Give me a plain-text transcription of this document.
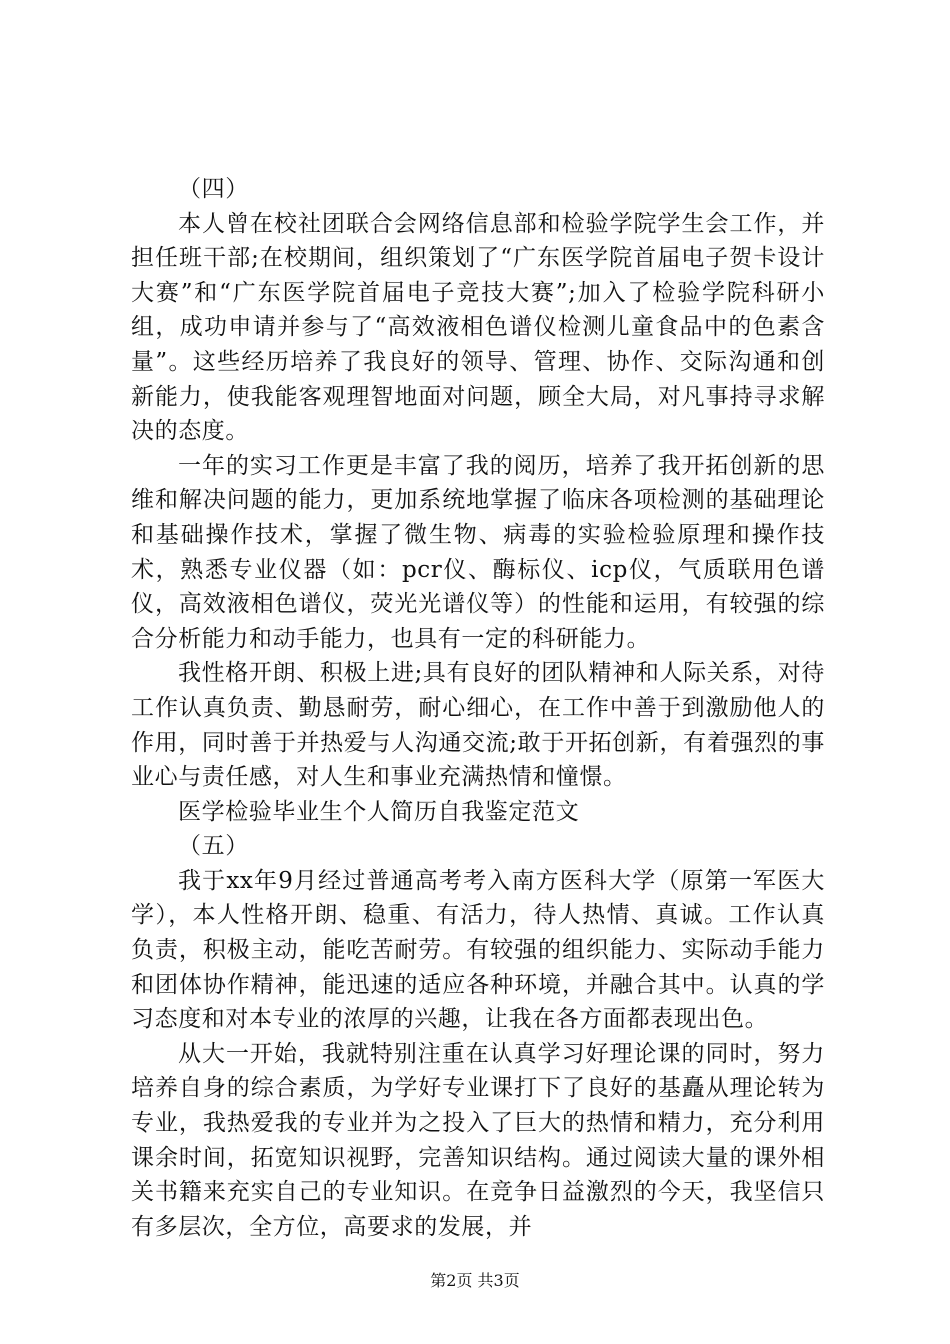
（四）

本人曾在校社团联合会网络信息部和检验学院学生会工作，并担任班干部;在校期间，组织策划了“广东医学院首届电子贺卡设计大赛”和“广东医学院首届电子竞技大赛”;加入了检验学院科研小组，成功申请并参与了“高效液相色谱仪检测儿童食品中的色素含量”。这些经历培养了我良好的领导、管理、协作、交际沟通和创新能力，使我能客观理智地面对问题，顾全大局，对凡事持寻求解决的态度。

一年的实习工作更是丰富了我的阅历，培养了我开拓创新的思维和解决问题的能力，更加系统地掌握了临床各项检测的基础理论和基础操作技术，掌握了微生物、病毒的实验检验原理和操作技术，熟悉专业仪器（如：pcr仪、酶标仪、icp仪，气质联用色谱仪，高效液相色谱仪，荧光光谱仪等）的性能和运用，有较强的综合分析能力和动手能力，也具有一定的科研能力。

我性格开朗、积极上进;具有良好的团队精神和人际关系，对待工作认真负责、勤恳耐劳，耐心细心，在工作中善于到激励他人的作用，同时善于并热爱与人沟通交流;敢于开拓创新，有着强烈的事业心与责任感，对人生和事业充满热情和憧憬。

医学检验毕业生个人简历自我鉴定范文

（五）

我于xx年9月经过普通高考考入南方医科大学（原第一军医大学），本人性格开朗、稳重、有活力，待人热情、真诚。工作认真负责，积极主动，能吃苦耐劳。有较强的组织能力、实际动手能力和团体协作精神，能迅速的适应各种环境，并融合其中。认真的学习态度和对本专业的浓厚的兴趣，让我在各方面都表现出色。

从大一开始，我就特别注重在认真学习好理论课的同时，努力培养自身的综合素质，为学好专业课打下了良好的基矗从理论转为专业，我热爱我的专业并为之投入了巨大的热情和精力，充分利用课余时间，拓宽知识视野，完善知识结构。通过阅读大量的课外相关书籍来充实自己的专业知识。在竞争日益激烈的今天，我坚信只有多层次，全方位，高要求的发展，并

第2页 共3页
